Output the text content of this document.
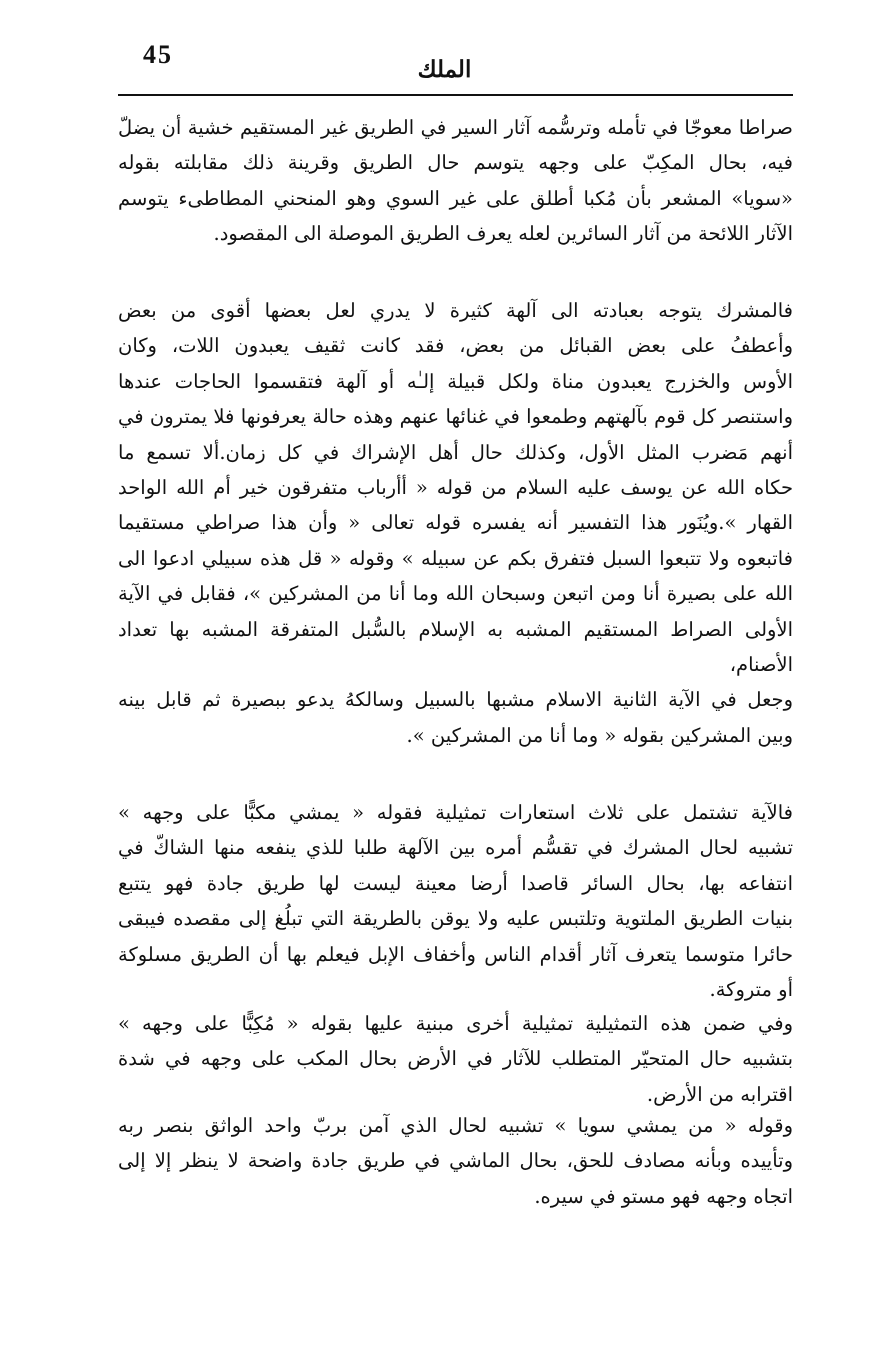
45
الملك

صراطا معوجّا في تأمله وترسُّمه آثار السير في الطريق غير المستقيم خشية أن يضلّ
فيه، بحال المكِبّ على وجهه يتوسم حال الطريق وقرينة ذلك مقابلته بقوله
«سويا» المشعر بأن مُكبا أطلق على غير السوي وهو المنحني المطاطىء يتوسم
الآثار اللائحة من آثار السائرين لعله يعرف الطريق الموصلة الى المقصود.

فالمشرك يتوجه بعبادته الى آلهة كثيرة لا يدري لعل بعضها أقوى من بعض
وأعطفُ على بعض القبائل من بعض، فقد كانت ثقيف يعبدون اللات، وكان
الأوس والخزرج يعبدون مناة ولكل قبيلة إلـٰه أو آلهة فتقسموا الحاجات عندها
واستنصر كل قوم بآلهتهم وطمعوا في غنائها عنهم وهذه حالة يعرفونها فلا يمترون في
أنهم مَضرب المثل الأول، وكذلك حال أهل الإشراك في كل زمان.ألا تسمع ما
حكاه الله عن يوسف عليه السلام من قوله « أأرباب متفرقون خير أم الله الواحد
القهار ».ويُنَور هذا التفسير أنه يفسره قوله تعالى « وأن هذا صراطي مستقيما
فاتبعوه ولا تتبعوا السبل فتفرق بكم عن سبيله » وقوله « قل هذه سبيلي ادعوا الى
الله على بصيرة أنا ومن اتبعن وسبحان الله وما أنا من المشركين »، فقابل في الآية
الأولى الصراط المستقيم المشبه به الإسلام بالسُّبل المتفرقة المشبه بها تعداد الأصنام،
وجعل في الآية الثانية الاسلام مشبها بالسبيل وسالكهُ يدعو ببصيرة ثم قابل بينه
وبين المشركين بقوله « وما أنا من المشركين ».

فالآية تشتمل على ثلاث استعارات تمثيلية فقوله « يمشي مكبًّا على وجهه »
تشبيه لحال المشرك في تقسُّم أمره بين الآلهة طلبا للذي ينفعه منها الشاكّ في
انتفاعه بها، بحال السائر قاصدا أرضا معينة ليست لها طريق جادة فهو يتتبع
بنيات الطريق الملتوية وتلتبس عليه ولا يوقن بالطريقة التي تبلُغ إلى مقصده فيبقى
حائرا متوسما يتعرف آثار أقدام الناس وأخفاف الإبل فيعلم بها أن الطريق مسلوكة
أو متروكة.

وفي ضمن هذه التمثيلية تمثيلية أخرى مبنية عليها بقوله « مُكِبًّا على وجهه »
بتشبيه حال المتحيّر المتطلب للآثار في الأرض بحال المكب على وجهه في شدة
اقترابه من الأرض.

وقوله « من يمشي سويا » تشبيه لحال الذي آمن بربّ واحد الواثق بنصر ربه
وتأييده وبأنه مصادف للحق، بحال الماشي في طريق جادة واضحة لا ينظر إلا إلى
اتجاه وجهه فهو مستو في سيره.
